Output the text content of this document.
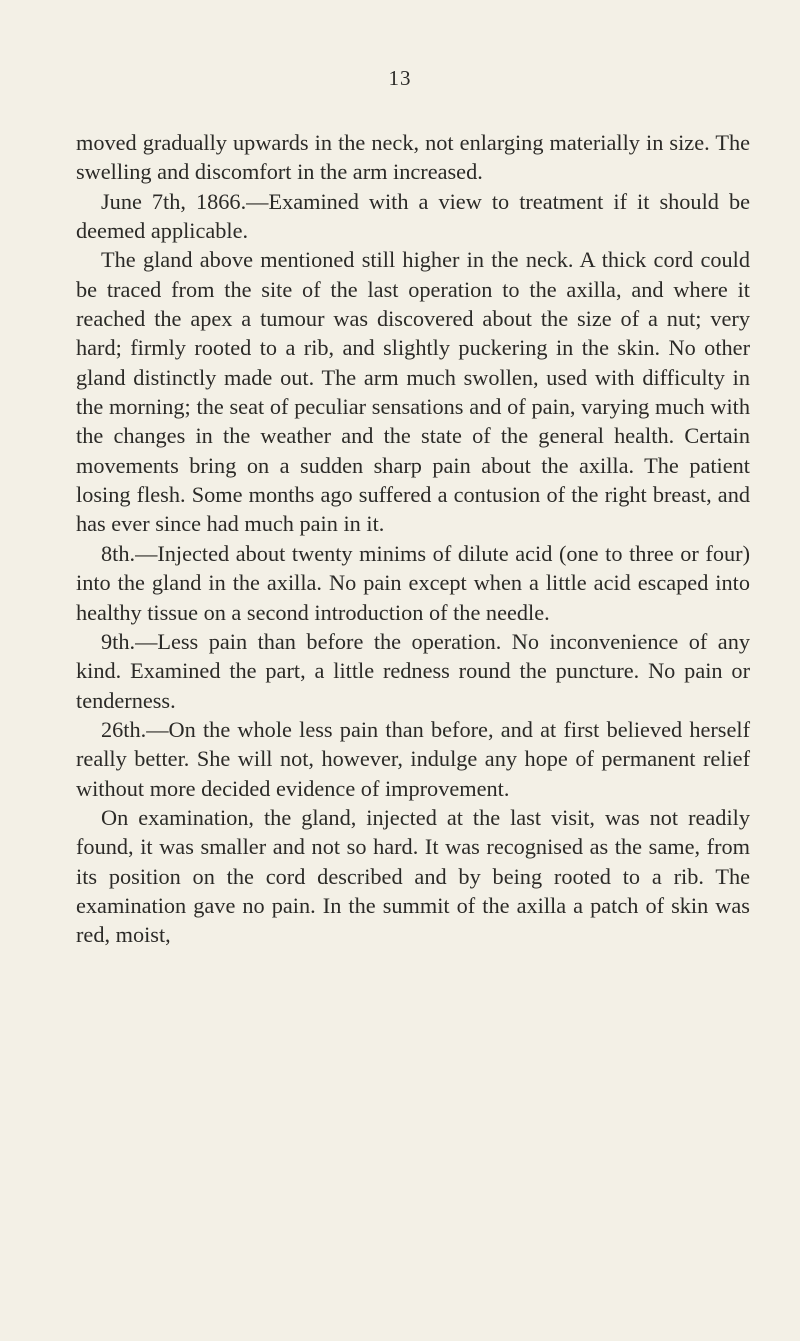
13

moved gradually upwards in the neck, not enlarging materially in size. The swelling and discomfort in the arm increased.

June 7th, 1866.—Examined with a view to treatment if it should be deemed applicable.

The gland above mentioned still higher in the neck. A thick cord could be traced from the site of the last operation to the axilla, and where it reached the apex a tumour was discovered about the size of a nut; very hard; firmly rooted to a rib, and slightly puckering in the skin. No other gland distinctly made out. The arm much swollen, used with difficulty in the morning; the seat of peculiar sensations and of pain, varying much with the changes in the weather and the state of the general health. Certain movements bring on a sudden sharp pain about the axilla. The patient losing flesh. Some months ago suffered a contusion of the right breast, and has ever since had much pain in it.

8th.—Injected about twenty minims of dilute acid (one to three or four) into the gland in the axilla. No pain except when a little acid escaped into healthy tissue on a second introduction of the needle.

9th.—Less pain than before the operation. No inconvenience of any kind. Examined the part, a little redness round the puncture. No pain or tenderness.

26th.—On the whole less pain than before, and at first believed herself really better. She will not, however, indulge any hope of permanent relief without more decided evidence of improvement.

On examination, the gland, injected at the last visit, was not readily found, it was smaller and not so hard. It was recognised as the same, from its position on the cord described and by being rooted to a rib. The examination gave no pain. In the summit of the axilla a patch of skin was red, moist,
